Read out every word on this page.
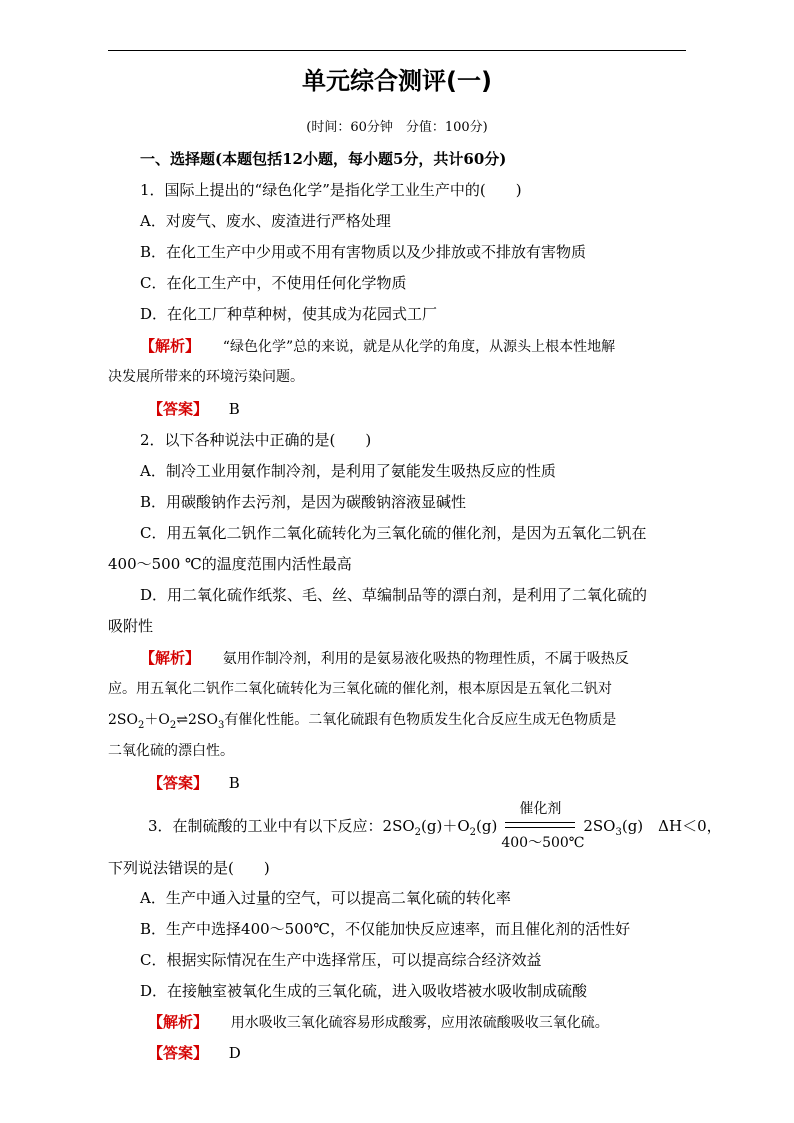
单元综合测评(一)
(时间：60分钟　分值：100分)
一、选择题(本题包括12小题，每小题5分，共计60分)
1．国际上提出的“绿色化学”是指化学工业生产中的(　　)
A．对废气、废水、废渣进行严格处理
B．在化工生产中少用或不用有害物质以及少排放或不排放有害物质
C．在化工生产中，不使用任何化学物质
D．在化工厂种草种树，使其成为花园式工厂
【解析】 “绿色化学”总的来说，就是从化学的角度，从源头上根本性地解
决发展所带来的环境污染问题。
【答案】 B
2．以下各种说法中正确的是(　　)
A．制冷工业用氨作制冷剂，是利用了氨能发生吸热反应的性质
B．用碳酸钠作去污剂，是因为碳酸钠溶液显碱性
C．用五氧化二钒作二氧化硫转化为三氧化硫的催化剂，是因为五氧化二钒在
400～500 ℃的温度范围内活性最高
D．用二氧化硫作纸浆、毛、丝、草编制品等的漂白剂，是利用了二氧化硫的
吸附性
【解析】 氨用作制冷剂，利用的是氨易液化吸热的物理性质，不属于吸热反
应。用五氧化二钒作二氧化硫转化为三氧化硫的催化剂，根本原因是五氧化二钒对
$2SO_2+O_2\rightleftharpoons 2SO_3$有催化性能。二氧化硫跟有色物质发生化合反应生成无色物质是
二氧化硫的漂白性。
【答案】 B
3．在制硫酸的工业中有以下反应：$2SO_2(g)+O_2(g)$
催化剂
400～500℃
$2SO_3(g)$　ΔH＜0，
下列说法错误的是(　　)
A．生产中通入过量的空气，可以提高二氧化硫的转化率
B．生产中选择400～500℃，不仅能加快反应速率，而且催化剂的活性好
C．根据实际情况在生产中选择常压，可以提高综合经济效益
D．在接触室被氧化生成的三氧化硫，进入吸收塔被水吸收制成硫酸
【解析】 用水吸收三氧化硫容易形成酸雾，应用浓硫酸吸收三氧化硫。
【答案】 D
